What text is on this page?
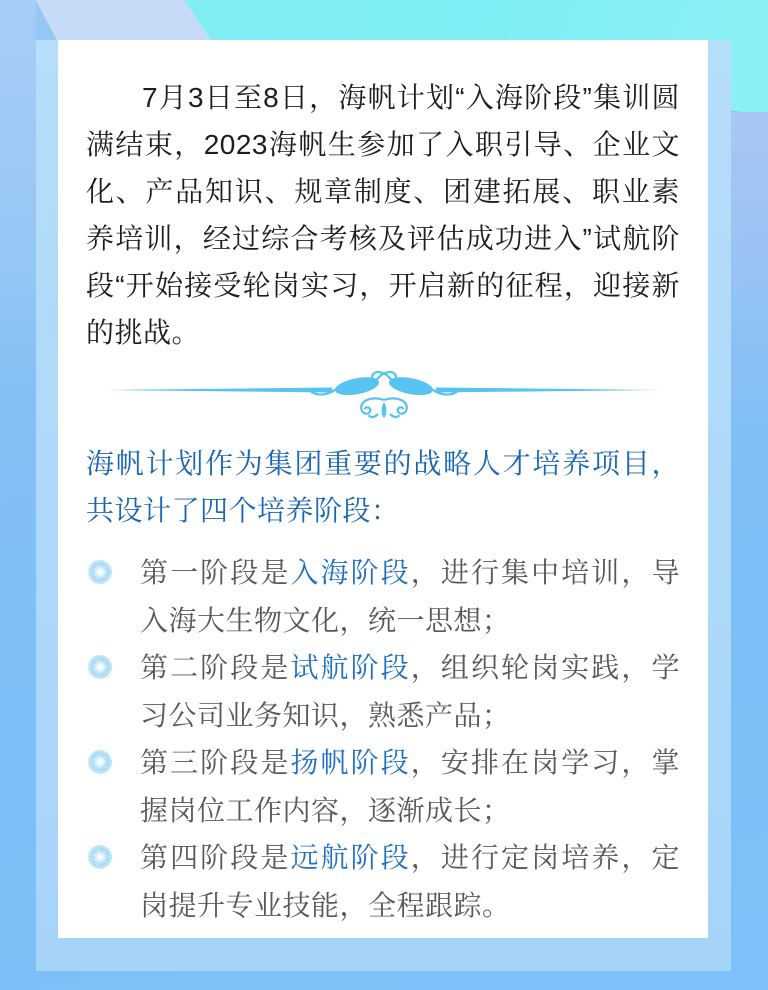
7月3日至8日，海帆计划“入海阶段”集训圆满结束，2023海帆生参加了入职引导、企业文化、产品知识、规章制度、团建拓展、职业素养培训，经过综合考核及评估成功进入”试航阶段“开始接受轮岗实习，开启新的征程，迎接新的挑战。

海帆计划作为集团重要的战略人才培养项目，共设计了四个培养阶段：

第一阶段是入海阶段，进行集中培训，导入海大生物文化，统一思想；
第二阶段是试航阶段，组织轮岗实践，学习公司业务知识，熟悉产品；
第三阶段是扬帆阶段，安排在岗学习，掌握岗位工作内容，逐渐成长；
第四阶段是远航阶段，进行定岗培养，定岗提升专业技能，全程跟踪。
